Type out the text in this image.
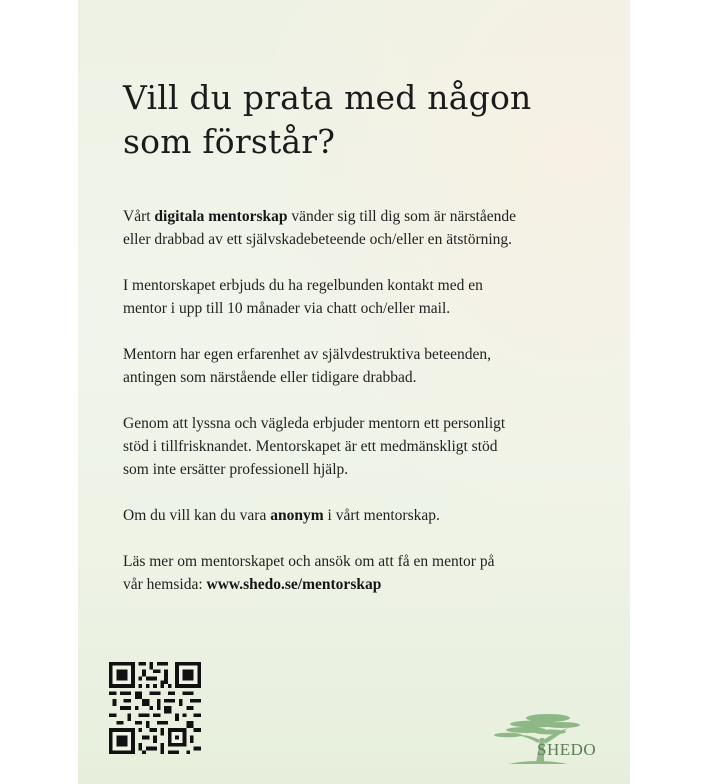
Vill du prata med någon
som förstår?

Vårt digitala mentorskap vänder sig till dig som är närstående
eller drabbad av ett självskadebeteende och/eller en ätstörning.

I mentorskapet erbjuds du ha regelbunden kontakt med en
mentor i upp till 10 månader via chatt och/eller mail.

Mentorn har egen erfarenhet av självdestruktiva beteenden,
antingen som närstående eller tidigare drabbad.

Genom att lyssna och vägleda erbjuder mentorn ett personligt
stöd i tillfrisknandet. Mentorskapet är ett medmänskligt stöd
som inte ersätter professionell hjälp.

Om du vill kan du vara anonym i vårt mentorskap.

Läs mer om mentorskapet och ansök om att få en mentor på
vår hemsida: www.shedo.se/mentorskap

SHEDO
